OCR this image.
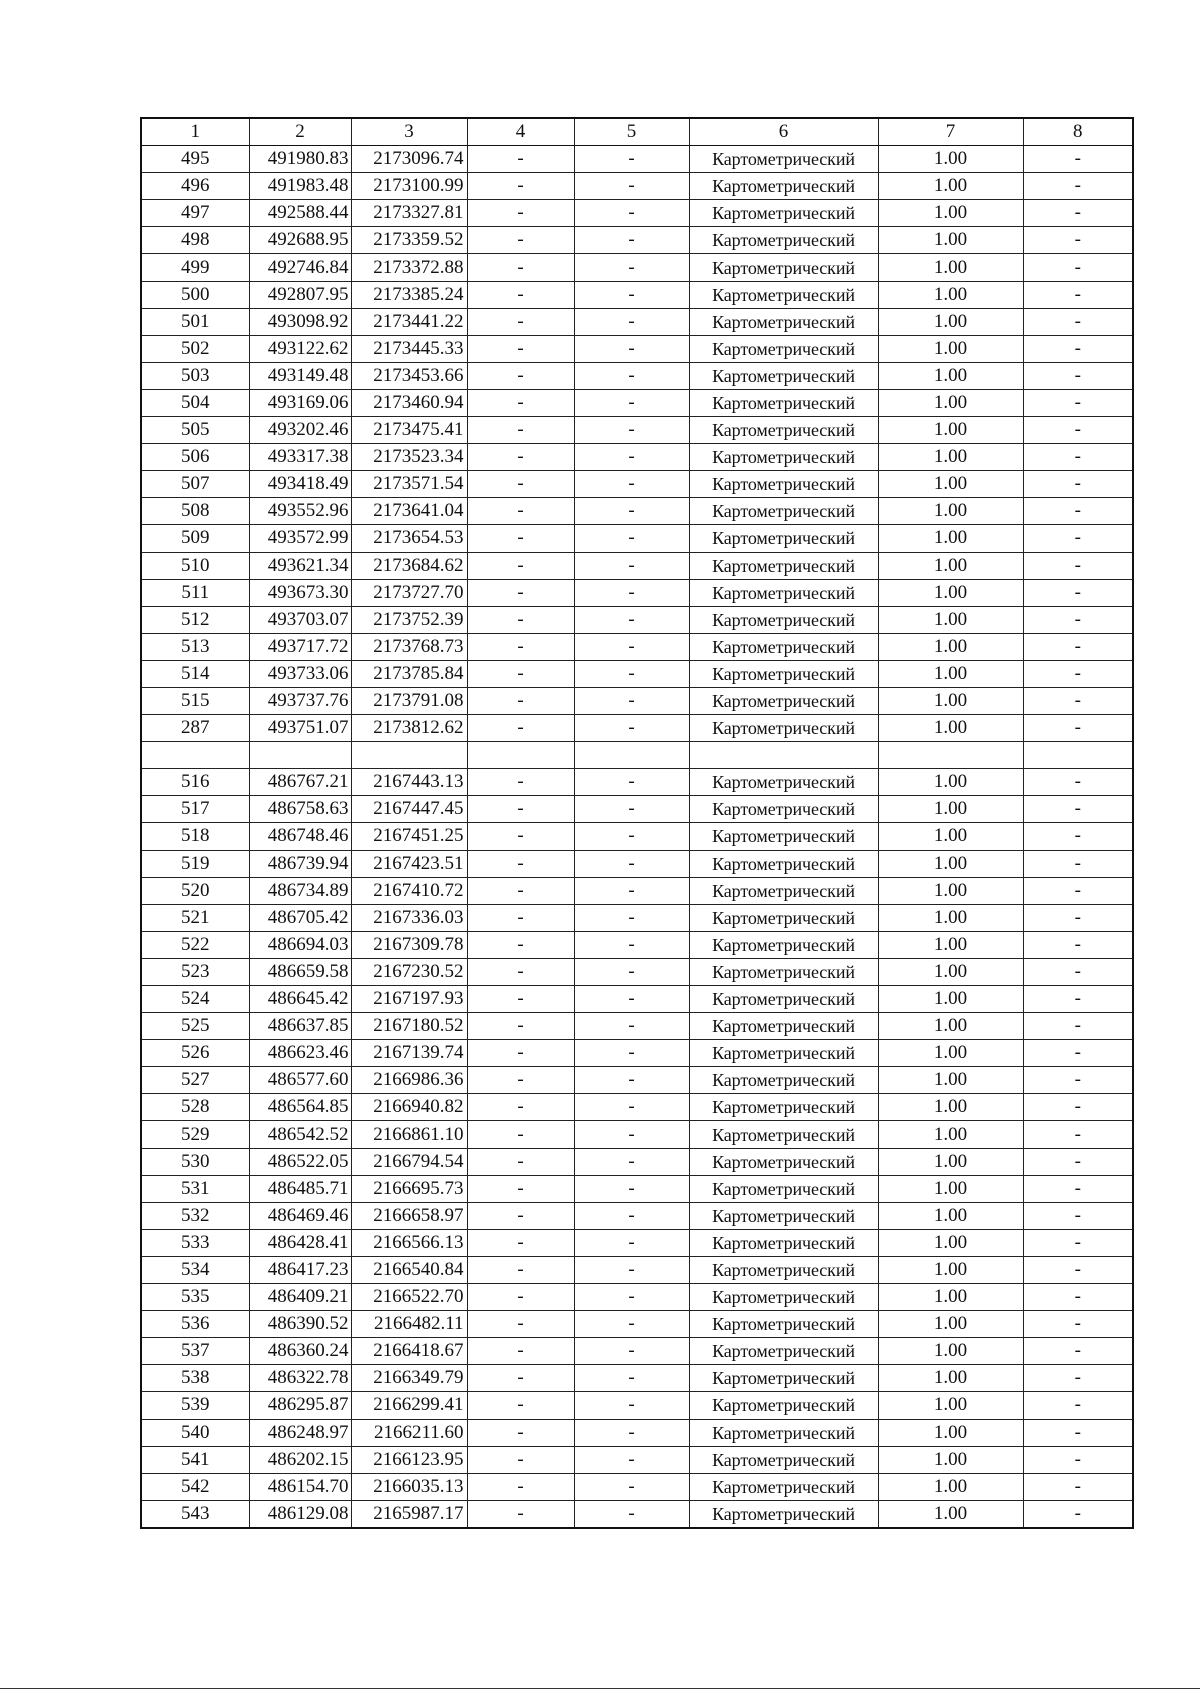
1	2	3	4	5	6	7	8
495	491980.83	2173096.74	-	-	Картометрический	1.00	-
496	491983.48	2173100.99	-	-	Картометрический	1.00	-
497	492588.44	2173327.81	-	-	Картометрический	1.00	-
498	492688.95	2173359.52	-	-	Картометрический	1.00	-
499	492746.84	2173372.88	-	-	Картометрический	1.00	-
500	492807.95	2173385.24	-	-	Картометрический	1.00	-
501	493098.92	2173441.22	-	-	Картометрический	1.00	-
502	493122.62	2173445.33	-	-	Картометрический	1.00	-
503	493149.48	2173453.66	-	-	Картометрический	1.00	-
504	493169.06	2173460.94	-	-	Картометрический	1.00	-
505	493202.46	2173475.41	-	-	Картометрический	1.00	-
506	493317.38	2173523.34	-	-	Картометрический	1.00	-
507	493418.49	2173571.54	-	-	Картометрический	1.00	-
508	493552.96	2173641.04	-	-	Картометрический	1.00	-
509	493572.99	2173654.53	-	-	Картометрический	1.00	-
510	493621.34	2173684.62	-	-	Картометрический	1.00	-
511	493673.30	2173727.70	-	-	Картометрический	1.00	-
512	493703.07	2173752.39	-	-	Картометрический	1.00	-
513	493717.72	2173768.73	-	-	Картометрический	1.00	-
514	493733.06	2173785.84	-	-	Картометрический	1.00	-
515	493737.76	2173791.08	-	-	Картометрический	1.00	-
287	493751.07	2173812.62	-	-	Картометрический	1.00	-

516	486767.21	2167443.13	-	-	Картометрический	1.00	-
517	486758.63	2167447.45	-	-	Картометрический	1.00	-
518	486748.46	2167451.25	-	-	Картометрический	1.00	-
519	486739.94	2167423.51	-	-	Картометрический	1.00	-
520	486734.89	2167410.72	-	-	Картометрический	1.00	-
521	486705.42	2167336.03	-	-	Картометрический	1.00	-
522	486694.03	2167309.78	-	-	Картометрический	1.00	-
523	486659.58	2167230.52	-	-	Картометрический	1.00	-
524	486645.42	2167197.93	-	-	Картометрический	1.00	-
525	486637.85	2167180.52	-	-	Картометрический	1.00	-
526	486623.46	2167139.74	-	-	Картометрический	1.00	-
527	486577.60	2166986.36	-	-	Картометрический	1.00	-
528	486564.85	2166940.82	-	-	Картометрический	1.00	-
529	486542.52	2166861.10	-	-	Картометрический	1.00	-
530	486522.05	2166794.54	-	-	Картометрический	1.00	-
531	486485.71	2166695.73	-	-	Картометрический	1.00	-
532	486469.46	2166658.97	-	-	Картометрический	1.00	-
533	486428.41	2166566.13	-	-	Картометрический	1.00	-
534	486417.23	2166540.84	-	-	Картометрический	1.00	-
535	486409.21	2166522.70	-	-	Картометрический	1.00	-
536	486390.52	2166482.11	-	-	Картометрический	1.00	-
537	486360.24	2166418.67	-	-	Картометрический	1.00	-
538	486322.78	2166349.79	-	-	Картометрический	1.00	-
539	486295.87	2166299.41	-	-	Картометрический	1.00	-
540	486248.97	2166211.60	-	-	Картометрический	1.00	-
541	486202.15	2166123.95	-	-	Картометрический	1.00	-
542	486154.70	2166035.13	-	-	Картометрический	1.00	-
543	486129.08	2165987.17	-	-	Картометрический	1.00	-
